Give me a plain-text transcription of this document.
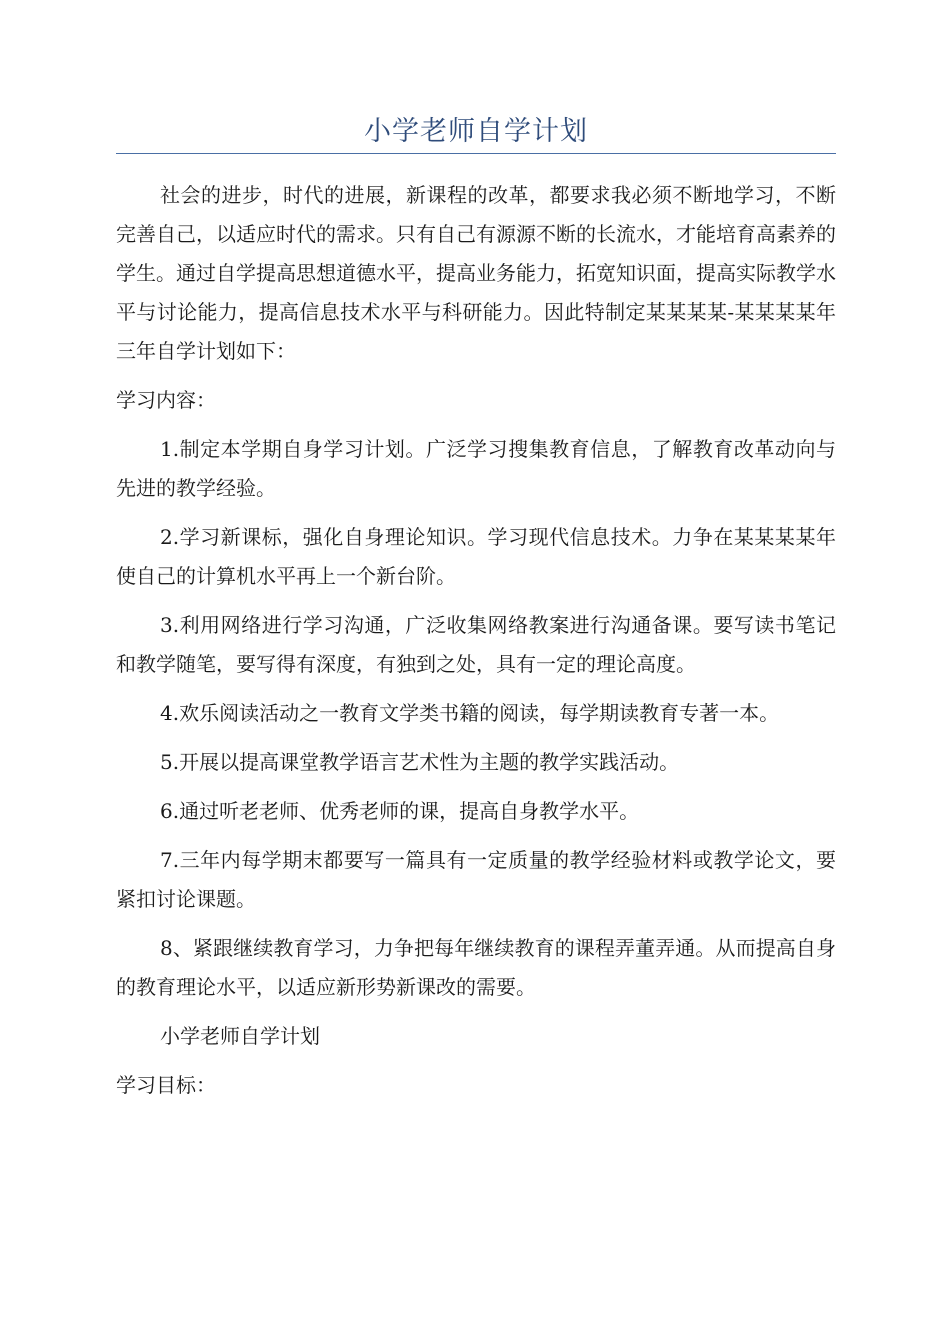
小学老师自学计划

社会的进步，时代的进展，新课程的改革，都要求我必须不断地学习，不断完善自己，以适应时代的需求。只有自己有源源不断的长流水，才能培育高素养的学生。通过自学提高思想道德水平，提高业务能力，拓宽知识面，提高实际教学水平与讨论能力，提高信息技术水平与科研能力。因此特制定某某某某-某某某某年三年自学计划如下：

学习内容：

1.制定本学期自身学习计划。广泛学习搜集教育信息，了解教育改革动向与先进的教学经验。

2.学习新课标，强化自身理论知识。学习现代信息技术。力争在某某某某年使自己的计算机水平再上一个新台阶。

3.利用网络进行学习沟通，广泛收集网络教案进行沟通备课。要写读书笔记和教学随笔，要写得有深度，有独到之处，具有一定的理论高度。

4.欢乐阅读活动之一教育文学类书籍的阅读，每学期读教育专著一本。

5.开展以提高课堂教学语言艺术性为主题的教学实践活动。

6.通过听老老师、优秀老师的课，提高自身教学水平。

7.三年内每学期末都要写一篇具有一定质量的教学经验材料或教学论文，要紧扣讨论课题。

8、紧跟继续教育学习，力争把每年继续教育的课程弄董弄通。从而提高自身的教育理论水平，以适应新形势新课改的需要。

小学老师自学计划

学习目标：
